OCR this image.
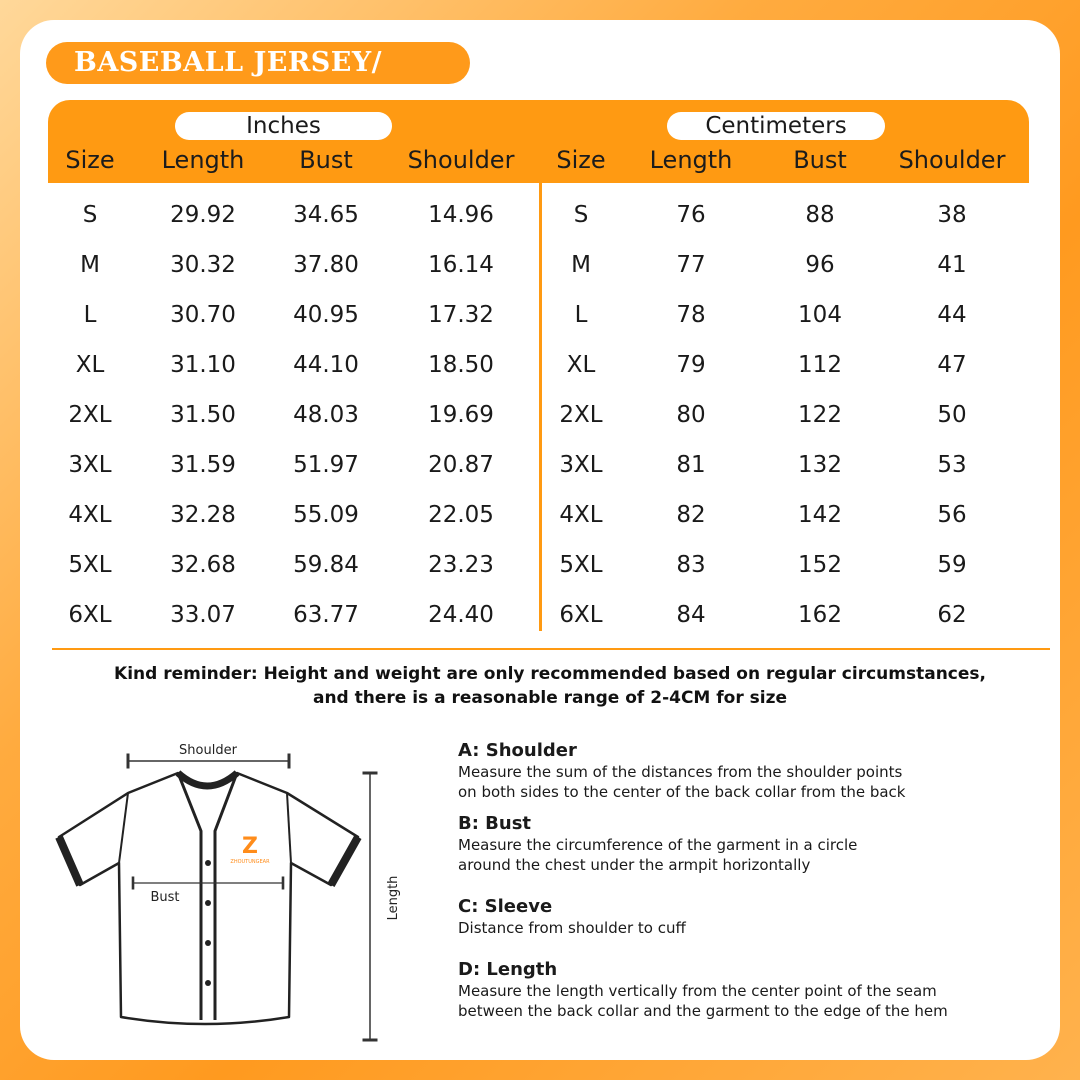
BASEBALL JERSEY/
Inches	Centimeters
Size	Length	Bust	Shoulder	Size	Length	Bust	Shoulder
S	29.92	34.65	14.96	S	76	88	38
M	30.32	37.80	16.14	M	77	96	41
L	30.70	40.95	17.32	L	78	104	44
XL	31.10	44.10	18.50	XL	79	112	47
2XL	31.50	48.03	19.69	2XL	80	122	50
3XL	31.59	51.97	20.87	3XL	81	132	53
4XL	32.28	55.09	22.05	4XL	82	142	56
5XL	32.68	59.84	23.23	5XL	83	152	59
6XL	33.07	63.77	24.40	6XL	84	162	62
Kind reminder: Height and weight are only recommended based on regular circumstances,
and there is a reasonable range of 2-4CM for size
Shoulder
Bust
Z
ZHOUTUNGEAR
Length
A: Shoulder
Measure the sum of the distances from the shoulder points
on both sides to the center of the back collar from the back
B: Bust
Measure the circumference of the garment in a circle
around the chest under the armpit horizontally
C: Sleeve
Distance from shoulder to cuff
D: Length
Measure the length vertically from the center point of the seam
between the back collar and the garment to the edge of the hem
